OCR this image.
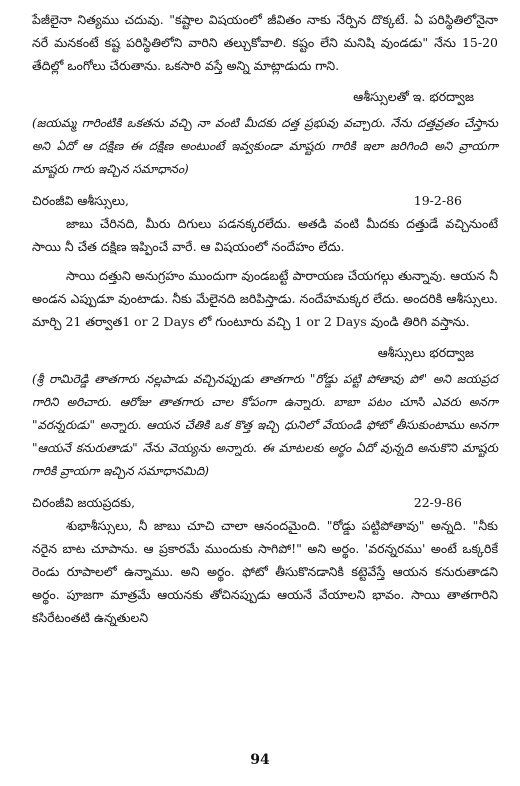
పేజీలైనా నిత్యము చదువు. "కష్టాల విషయంలో జీవితం నాకు నేర్పిన దొక్కటే. ఏ పరిస్థితిలోనైనా నరే మనకంటే కష్ట పరిస్థితిలోని వారిని తల్చుకోవాలి. కష్టం లేని మనిషి వుండడు" నేను 15-20 తేదిల్లో ఒంగోలు చేరుతాను. ఒకసారి వస్తే అన్ని మాట్లాడుదు గాని.

ఆశీస్సులతో ఇ. భరద్వాజ

(జయమ్మ గారింటికి ఒకతను వచ్చి నా వంటి మీదకు దత్త ప్రభువు వచ్చారు. నేను దత్తవ్రతం చేస్తాను అని ఏదో ఆ దక్షిణ ఈ దక్షిణ అంటుంటే ఇవ్వకుండా మాష్టరు గారికి ఇలా జరిగింది అని వ్రాయగా మాష్టరు గారు ఇచ్చిన సమాధానం)

చిరంజీవి ఆశీస్సులు,	19-2-86

జాబు చేరినది, మీరు దిగులు పడనక్కరలేదు. అతడి వంటి మీదకు దత్తుడే వచ్చినుంటే సాయి నీ చేత దక్షిణ ఇప్పించే వారే. ఆ విషయంలో నందేహం లేదు.

సాయి దత్తుని అనుగ్రహం ముందుగా వుండబట్టే పారాయణ చేయగల్గు తున్నావు. ఆయన నీ అండన ఎప్పుడూ వుంటాడు. నీకు మేలైనది జరిపిస్తాడు. నందేహమక్కర లేదు. అందరికి ఆశీస్సులు. మార్చి 21 తర్వాత1 or 2 Days లో గుంటూరు వచ్చి 1 or 2 Days వుండి తిరిగి వస్తాను.

ఆశీస్సులు భరద్వాజ

(శ్రీ రామిరెడ్డి తాతగారు నల్లపాడు వచ్చినప్పుడు తాతగారు "రోడ్డు పట్టి పోతావు పో" అని జయప్రద గారిని అరిచారు. ఆరోజు తాతగారు చాల కోపంగా ఉన్నారు. బాబా పటం చూసి ఎవరు అనగా "వరన్నరుడు" అన్నారు. ఆయన చేతికి ఒక కొత్త ఇచ్చి ధునిలో వేయండి ఫోటో తీసుకుంటాము అనగా "ఆయనే కనురుతాడు" నేను వెయ్యను అన్నారు. ఈ మాటలకు అర్థం ఏదో వున్నది అనుకొని మాష్టరు గారికి వ్రాయగా ఇచ్చిన సమాధానమిది)

చిరంజీవి జయప్రదకు,	22-9-86

శుభాశీస్సులు, నీ జాబు చూచి చాలా ఆనందమైంది. "రోడ్డు పట్టిపోతావు" అన్నది. "నీకు నరైన బాట చూపాను. ఆ ప్రకారమే ముందుకు సాగిపో!" అని అర్థం. 'వరన్నరము' అంటే ఒక్కరికే రెండు రూపాలలో ఉన్నాము. అని అర్థం. ఫోటో తీసుకొనడానికి కట్టెవేస్తే ఆయన కనురుతాడని అర్థం. పూజగా మాత్రమే ఆయనకు తోచినప్పుడు ఆయనే వేయాలని భావం. సాయి తాతగారిని కసిరేటంతటి ఉన్నతులని

94
